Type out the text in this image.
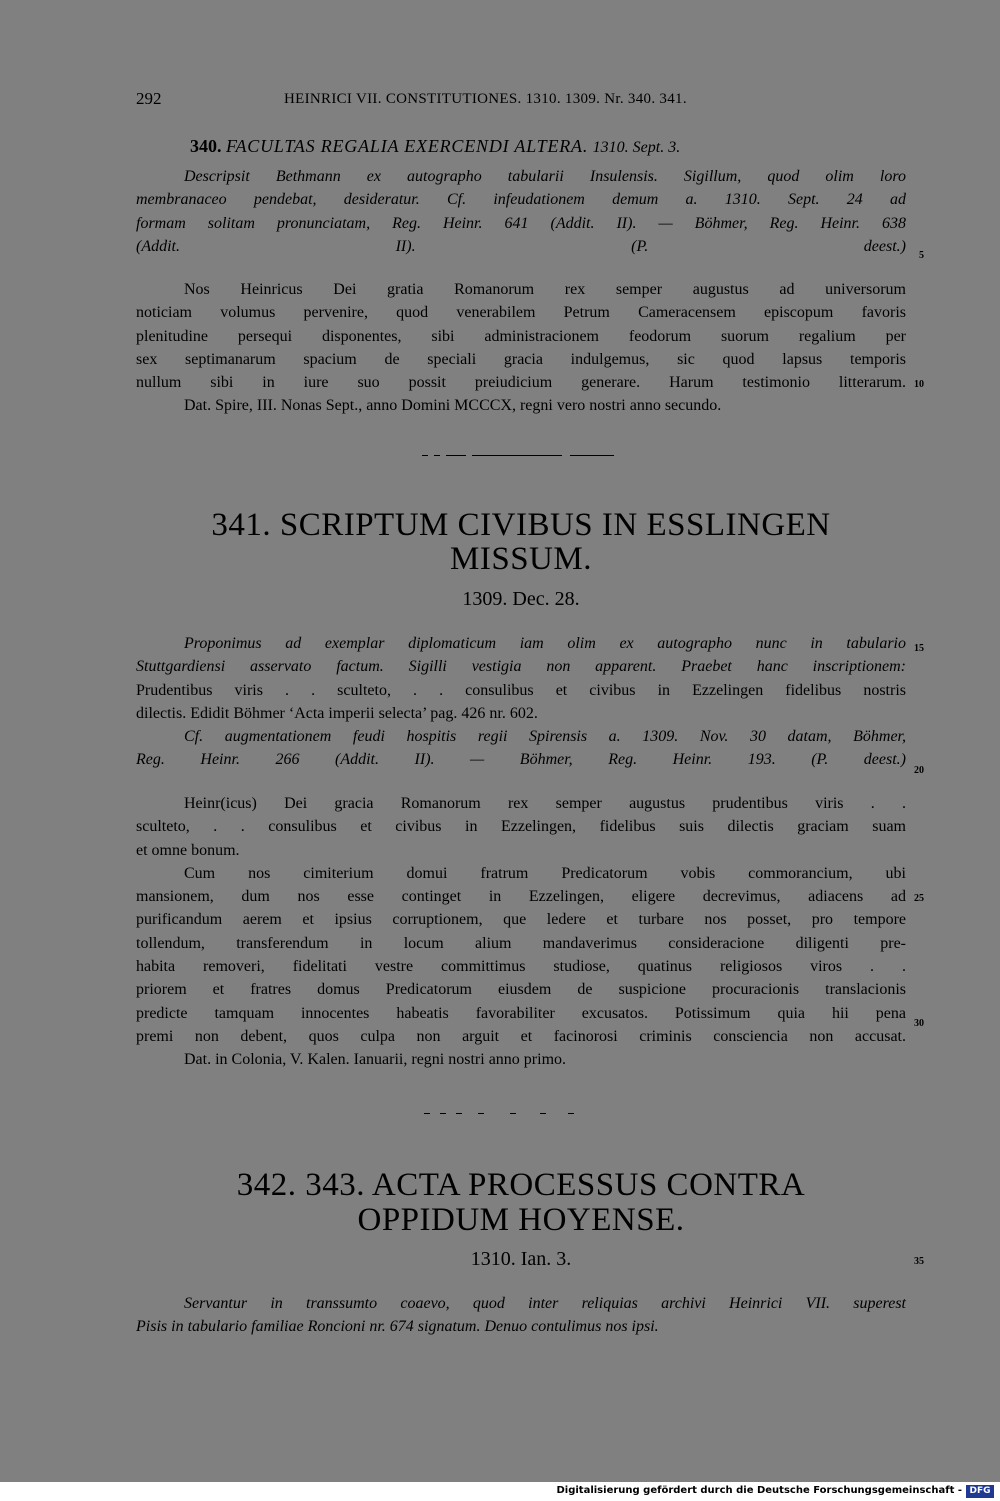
292	HEINRICI VII. CONSTITUTIONES. 1310. 1309. Nr. 340. 341.
340. FACULTAS REGALIA EXERCENDI ALTERA. 1310. Sept. 3.

Descripsit Bethmann ex autographo tabularii Insulensis. Sigillum, quod olim loro

membranaceo pendebat, desideratur. Cf. infeudationem demum a. 1310. Sept. 24 ad

formam solitam pronunciatam, Reg. Heinr. 641 (Addit. II). — Böhmer, Reg. Heinr. 638

(Addit. II). (P. deest.)

Nos Heinricus Dei gratia Romanorum rex semper augustus ad universorum

noticiam volumus pervenire, quod venerabilem Petrum Cameracensem episcopum favoris

plenitudine persequi disponentes, sibi administracionem feodorum suorum regalium per

sex septimanarum spacium de speciali gracia indulgemus, sic quod lapsus temporis

nullum sibi in iure suo possit preiudicium generare. Harum testimonio litterarum.

Dat. Spire, III. Nonas Sept., anno Domini MCCCX, regni vero nostri anno secundo.

341. SCRIPTUM CIVIBUS IN ESSLINGEN
MISSUM.
1309. Dec. 28.

Proponimus ad exemplar diplomaticum iam olim ex autographo nunc in tabulario

Stuttgardiensi asservato factum. Sigilli vestigia non apparent. Praebet hanc inscriptionem:

Prudentibus viris . . sculteto, . . consulibus et civibus in Ezzelingen fidelibus nostris

dilectis. Edidit Böhmer ‘Acta imperii selecta’ pag. 426 nr. 602.

Cf. augmentationem feudi hospitis regii Spirensis a. 1309. Nov. 30 datam, Böhmer,

Reg. Heinr. 266 (Addit. II). — Böhmer, Reg. Heinr. 193. (P. deest.)

Heinr(icus) Dei gracia Romanorum rex semper augustus prudentibus viris . .

sculteto, . . consulibus et civibus in Ezzelingen, fidelibus suis dilectis graciam suam

et omne bonum.

Cum nos cimiterium domui fratrum Predicatorum vobis commorancium, ubi

mansionem, dum nos esse continget in Ezzelingen, eligere decrevimus, adiacens ad

purificandum aerem et ipsius corruptionem, que ledere et turbare nos posset, pro tempore

tollendum, transferendum in locum alium mandaverimus consideracione diligenti pre-

habita removeri, fidelitati vestre committimus studiose, quatinus religiosos viros . .

priorem et fratres domus Predicatorum eiusdem de suspicione procuracionis translacionis

predicte tamquam innocentes habeatis favorabiliter excusatos. Potissimum quia hii pena

premi non debent, quos culpa non arguit et facinorosi criminis consciencia non accusat.

Dat. in Colonia, V. Kalen. Ianuarii, regni nostri anno primo.

342. 343. ACTA PROCESSUS CONTRA
OPPIDUM HOYENSE.
1310. Ian. 3.

Servantur in transsumto coaevo, quod inter reliquias archivi Heinrici VII. superest

Pisis in tabulario familiae Roncioni nr. 674 signatum. Denuo contulimus nos ipsi.

5
10
15
20
25
30
35
Digitalisierung gefördert durch die Deutsche Forschungsgemeinschaft - DFG
